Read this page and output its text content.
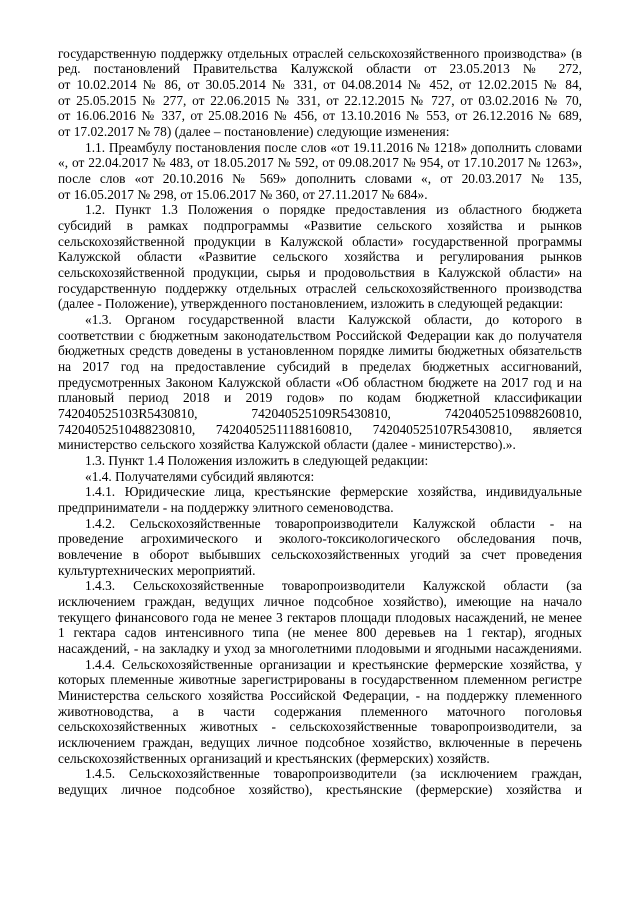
государственную поддержку отдельных отраслей сельскохозяйственного производства» (в
ред. постановлений Правительства Калужской области от 23.05.2013 № 272,
от 10.02.2014 № 86, от 30.05.2014 № 331, от 04.08.2014 № 452, от 12.02.2015 № 84,
от 25.05.2015 № 277, от 22.06.2015 № 331, от 22.12.2015 № 727, от 03.02.2016 № 70,
от 16.06.2016 № 337, от 25.08.2016 № 456, от 13.10.2016 № 553, от 26.12.2016 № 689,
от 17.02.2017 № 78) (далее – постановление) следующие изменения:
1.1. Преамбулу постановления после слов «от 19.11.2016 № 1218» дополнить словами
«, от 22.04.2017 № 483, от 18.05.2017 № 592, от 09.08.2017 № 954, от 17.10.2017 № 1263»,
после слов «от 20.10.2016 № 569» дополнить словами «, от 20.03.2017 № 135,
от 16.05.2017 № 298, от 15.06.2017 № 360, от 27.11.2017 № 684».
1.2. Пункт 1.3 Положения о порядке предоставления из областного бюджета
субсидий в рамках подпрограммы «Развитие сельского хозяйства и рынков
сельскохозяйственной продукции в Калужской области» государственной программы
Калужской области «Развитие сельского хозяйства и регулирования рынков
сельскохозяйственной продукции, сырья и продовольствия в Калужской области» на
государственную поддержку отдельных отраслей сельскохозяйственного производства
(далее - Положение), утвержденного постановлением, изложить в следующей редакции:
«1.3. Органом государственной власти Калужской области, до которого в
соответствии с бюджетным законодательством Российской Федерации как до получателя
бюджетных средств доведены в установленном порядке лимиты бюджетных обязательств
на 2017 год на предоставление субсидий в пределах бюджетных ассигнований,
предусмотренных Законом Калужской области «Об областном бюджете на 2017 год и на
плановый период 2018 и 2019 годов» по кодам бюджетной классификации
742040525103R5430810, 742040525109R5430810, 74204052510988260810,
74204052510488230810, 74204052511188160810, 742040525107R5430810, является
министерство сельского хозяйства Калужской области (далее - министерство).».
1.3. Пункт 1.4 Положения изложить в следующей редакции:
«1.4. Получателями субсидий являются:
1.4.1. Юридические лица, крестьянские фермерские хозяйства, индивидуальные
предприниматели - на поддержку элитного семеноводства.
1.4.2. Сельскохозяйственные товаропроизводители Калужской области - на
проведение агрохимического и эколого-токсикологического обследования почв,
вовлечение в оборот выбывших сельскохозяйственных угодий за счет проведения
культуртехнических мероприятий.
1.4.3. Сельскохозяйственные товаропроизводители Калужской области (за
исключением граждан, ведущих личное подсобное хозяйство), имеющие на начало
текущего финансового года не менее 3 гектаров площади плодовых насаждений, не менее
1 гектара садов интенсивного типа (не менее 800 деревьев на 1 гектар), ягодных
насаждений, - на закладку и уход за многолетними плодовыми и ягодными насаждениями.
1.4.4. Сельскохозяйственные организации и крестьянские фермерские хозяйства, у
которых племенные животные зарегистрированы в государственном племенном регистре
Министерства сельского хозяйства Российской Федерации, - на поддержку племенного
животноводства, а в части содержания племенного маточного поголовья
сельскохозяйственных животных - сельскохозяйственные товаропроизводители, за
исключением граждан, ведущих личное подсобное хозяйство, включенные в перечень
сельскохозяйственных организаций и крестьянских (фермерских) хозяйств.
1.4.5. Сельскохозяйственные товаропроизводители (за исключением граждан,
ведущих личное подсобное хозяйство), крестьянские (фермерские) хозяйства и
